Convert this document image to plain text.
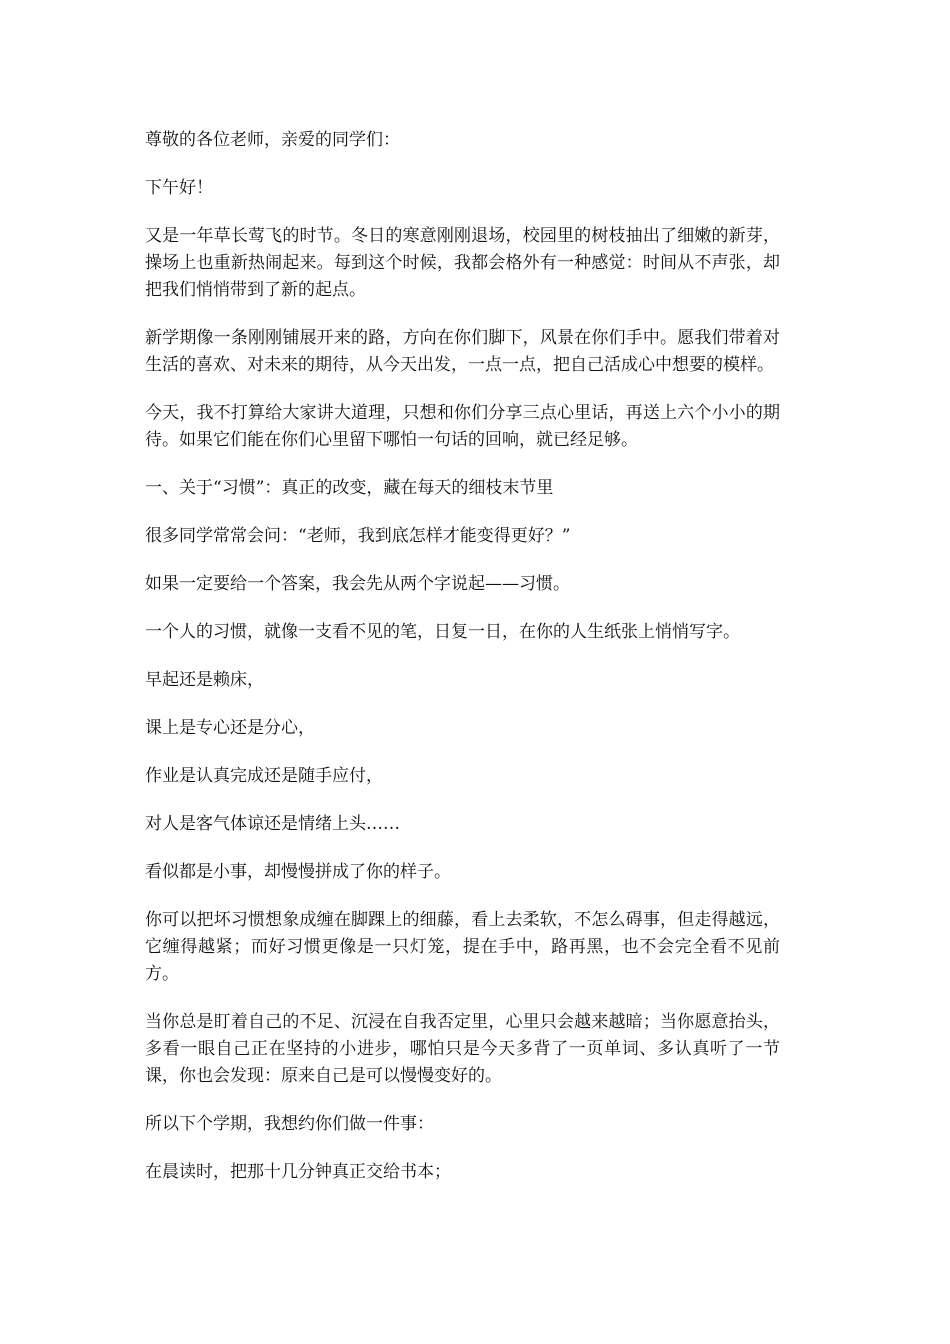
尊敬的各位老师，亲爱的同学们：

下午好！

又是一年草长莺飞的时节。冬日的寒意刚刚退场，校园里的树枝抽出了细嫩的新芽，操场上也重新热闹起来。每到这个时候，我都会格外有一种感觉：时间从不声张，却把我们悄悄带到了新的起点。

新学期像一条刚刚铺展开来的路，方向在你们脚下，风景在你们手中。愿我们带着对生活的喜欢、对未来的期待，从今天出发，一点一点，把自己活成心中想要的模样。

今天，我不打算给大家讲大道理，只想和你们分享三点心里话，再送上六个小小的期待。如果它们能在你们心里留下哪怕一句话的回响，就已经足够。

一、关于“习惯”：真正的改变，藏在每天的细枝末节里

很多同学常常会问：“老师，我到底怎样才能变得更好？”

如果一定要给一个答案，我会先从两个字说起——习惯。

一个人的习惯，就像一支看不见的笔，日复一日，在你的人生纸张上悄悄写字。

早起还是赖床，

课上是专心还是分心，

作业是认真完成还是随手应付，

对人是客气体谅还是情绪上头……

看似都是小事，却慢慢拼成了你的样子。

你可以把坏习惯想象成缠在脚踝上的细藤，看上去柔软，不怎么碍事，但走得越远，它缠得越紧；而好习惯更像是一只灯笼，提在手中，路再黑，也不会完全看不见前方。

当你总是盯着自己的不足、沉浸在自我否定里，心里只会越来越暗；当你愿意抬头，多看一眼自己正在坚持的小进步，哪怕只是今天多背了一页单词、多认真听了一节课，你也会发现：原来自己是可以慢慢变好的。

所以下个学期，我想约你们做一件事：

在晨读时，把那十几分钟真正交给书本；
